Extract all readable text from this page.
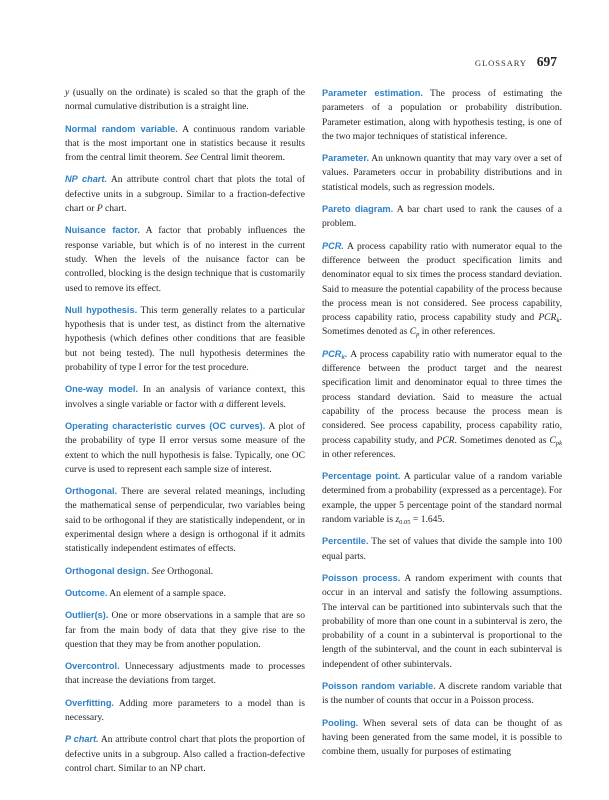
GLOSSARY 697

y (usually on the ordinate) is scaled so that the graph of the normal cumulative distribution is a straight line.

Normal random variable. A continuous random variable that is the most important one in statistics because it results from the central limit theorem. See Central limit theorem.

NP chart. An attribute control chart that plots the total of defective units in a subgroup. Similar to a fraction-defective chart or P chart.

Nuisance factor. A factor that probably influences the response variable, but which is of no interest in the current study. When the levels of the nuisance factor can be controlled, blocking is the design technique that is customarily used to remove its effect.

Null hypothesis. This term generally relates to a particular hypothesis that is under test, as distinct from the alternative hypothesis (which defines other conditions that are feasible but not being tested). The null hypothesis determines the probability of type I error for the test procedure.

One-way model. In an analysis of variance context, this involves a single variable or factor with a different levels.

Operating characteristic curves (OC curves). A plot of the probability of type II error versus some measure of the extent to which the null hypothesis is false. Typically, one OC curve is used to represent each sample size of interest.

Orthogonal. There are several related meanings, including the mathematical sense of perpendicular, two variables being said to be orthogonal if they are statistically independent, or in experimental design where a design is orthogonal if it admits statistically independent estimates of effects.

Orthogonal design. See Orthogonal.

Outcome. An element of a sample space.

Outlier(s). One or more observations in a sample that are so far from the main body of data that they give rise to the question that they may be from another population.

Overcontrol. Unnecessary adjustments made to processes that increase the deviations from target.

Overfitting. Adding more parameters to a model than is necessary.

P chart. An attribute control chart that plots the proportion of defective units in a subgroup. Also called a fraction-defective control chart. Similar to an NP chart.

Parameter estimation. The process of estimating the parameters of a population or probability distribution. Parameter estimation, along with hypothesis testing, is one of the two major techniques of statistical inference.

Parameter. An unknown quantity that may vary over a set of values. Parameters occur in probability distributions and in statistical models, such as regression models.

Pareto diagram. A bar chart used to rank the causes of a problem.

PCR. A process capability ratio with numerator equal to the difference between the product specification limits and denominator equal to six times the process standard deviation. Said to measure the potential capability of the process because the process mean is not considered. See process capability, process capability ratio, process capability study and $PCR_k$. Sometimes denoted as $C_p$ in other references.

$PCR_k$. A process capability ratio with numerator equal to the difference between the product target and the nearest specification limit and denominator equal to three times the process standard deviation. Said to measure the actual capability of the process because the process mean is considered. See process capability, process capability ratio, process capability study, and PCR. Sometimes denoted as $C_{pk}$ in other references.

Percentage point. A particular value of a random variable determined from a probability (expressed as a percentage). For example, the upper 5 percentage point of the standard normal random variable is $z_{0.05} = 1.645$.

Percentile. The set of values that divide the sample into 100 equal parts.

Poisson process. A random experiment with counts that occur in an interval and satisfy the following assumptions. The interval can be partitioned into subintervals such that the probability of more than one count in a subinterval is zero, the probability of a count in a subinterval is proportional to the length of the subinterval, and the count in each subinterval is independent of other subintervals.

Poisson random variable. A discrete random variable that is the number of counts that occur in a Poisson process.

Pooling. When several sets of data can be thought of as having been generated from the same model, it is possible to combine them, usually for purposes of estimating
